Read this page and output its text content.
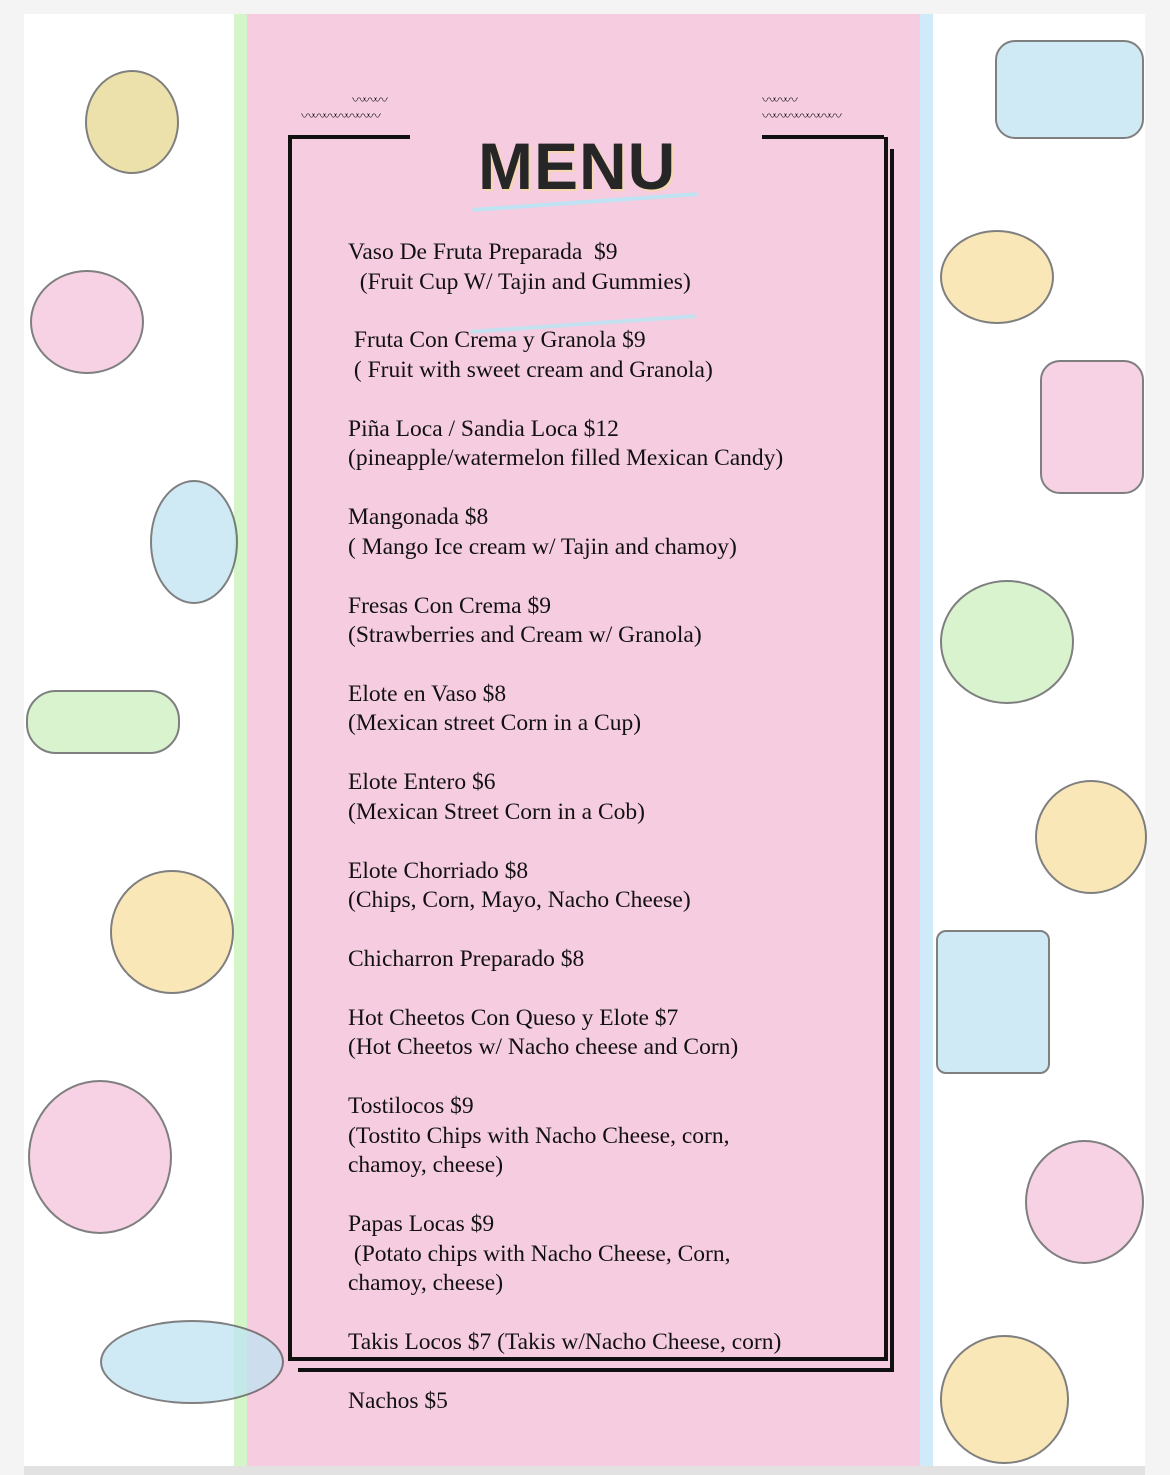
〰〰〰
〰〰〰〰〰〰〰
〰〰〰
〰〰〰〰〰〰〰
MENU
Vaso De Fruta Preparada  $9
(Fruit Cup W/ Tajin and Gummies)
Fruta Con Crema y Granola $9
( Fruit with sweet cream and Granola)
Piña Loca / Sandia Loca $12
(pineapple/watermelon filled Mexican Candy)
Mangonada $8
( Mango Ice cream w/ Tajin and chamoy)
Fresas Con Crema $9
(Strawberries and Cream w/ Granola)
Elote en Vaso $8
(Mexican street Corn in a Cup)
Elote Entero $6
(Mexican Street Corn in a Cob)
Elote Chorriado $8
(Chips, Corn, Mayo, Nacho Cheese)
Chicharron Preparado $8
Hot Cheetos Con Queso y Elote $7
(Hot Cheetos w/ Nacho cheese and Corn)
Tostilocos $9
(Tostito Chips with Nacho Cheese, corn,
chamoy, cheese)
Papas Locas $9
(Potato chips with Nacho Cheese, Corn,
chamoy, cheese)
Takis Locos $7 (Takis w/Nacho Cheese, corn)
Nachos $5
